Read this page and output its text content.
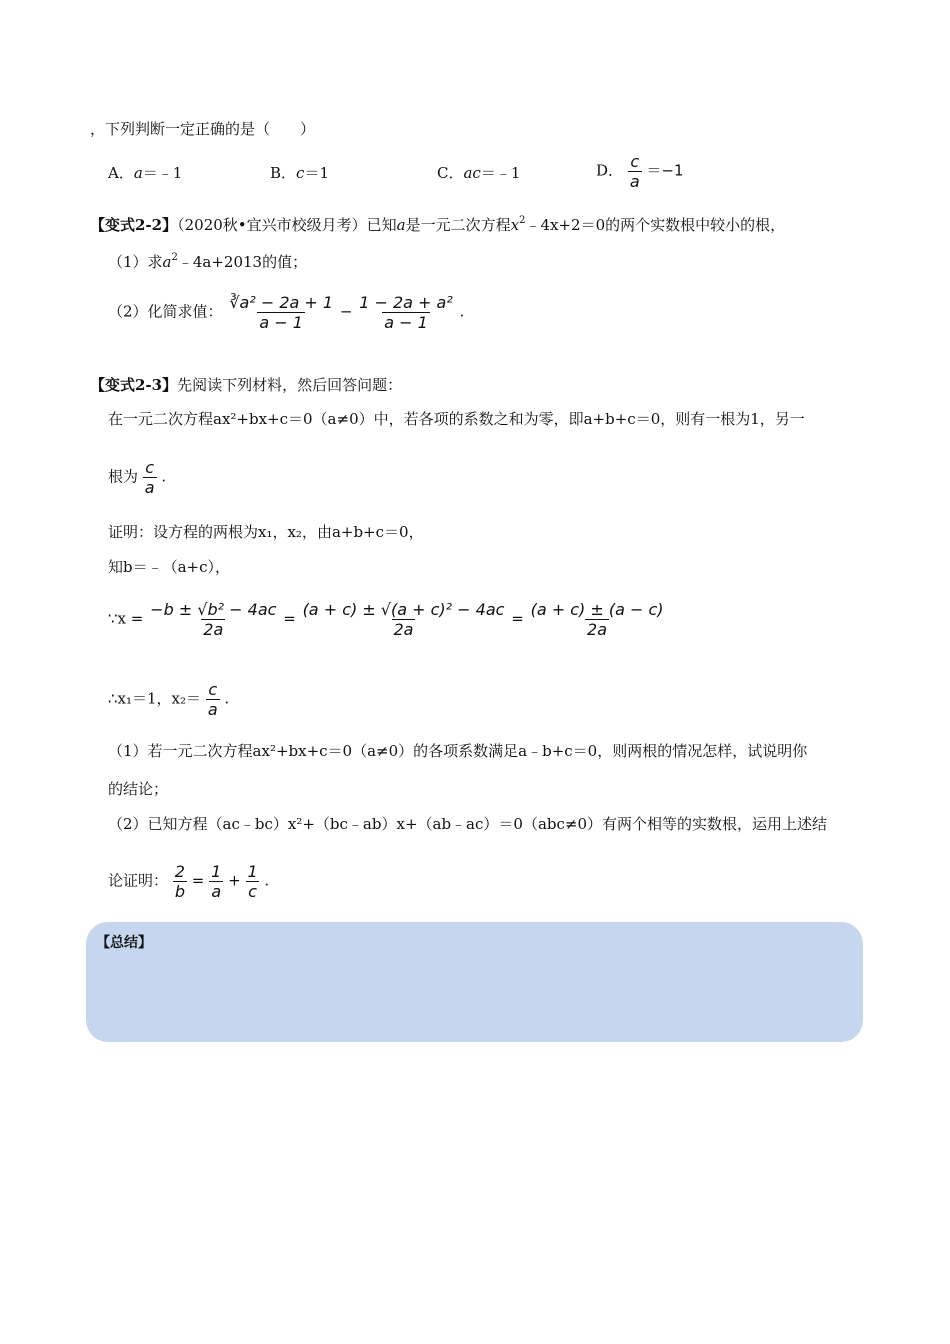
，下列判断一定正确的是（　　）
A．a＝﹣1	B．c＝1	C．ac＝﹣1	D． $\frac{c}{a} =-1$
【变式2-2】（2020秋•宜兴市校级月考）已知a是一元二次方程$x^2﹣4x+2=0$的两个实数根中较小的根，
（1）求$a^2﹣4a+2013$的值；
（2）化简求值： $\frac{\text{∛a² − 2a + 1}}{a - 1} - \frac{\text{1 − 2a + a²}}{a - 1}$ .
【变式2-3】先阅读下列材料，然后回答问题：
在一元二次方程ax²+bx+c＝0（a≠0）中，若各项的系数之和为零，即a+b+c＝0，则有一根为1，另一
根为 $\frac{c}{a}$ .
证明：设方程的两根为x₁，x₂，由a+b+c＝0，
知b＝﹣（a+c），
∵x = $\frac{\text{−b ± √b² − 4ac}}{2a} = \frac{\text{(a + c) ± √(a + c)² − 4ac}}{2a} = \frac{(a + c) \pm (a - c)}{2a}$
∴x₁＝1，$x_2= \frac{c}{a}$ .
（1）若一元二次方程ax²+bx+c＝0（a≠0）的各项系数满足a﹣b+c＝0，则两根的情况怎样，试说明你
的结论；
（2）已知方程（ac﹣bc）x²+（bc﹣ab）x+（ab﹣ac）＝0（abc≠0）有两个相等的实数根，运用上述结
论证明： $\frac{2}{b} = \frac{1}{a} + \frac{1}{c}$ .
【总结】
